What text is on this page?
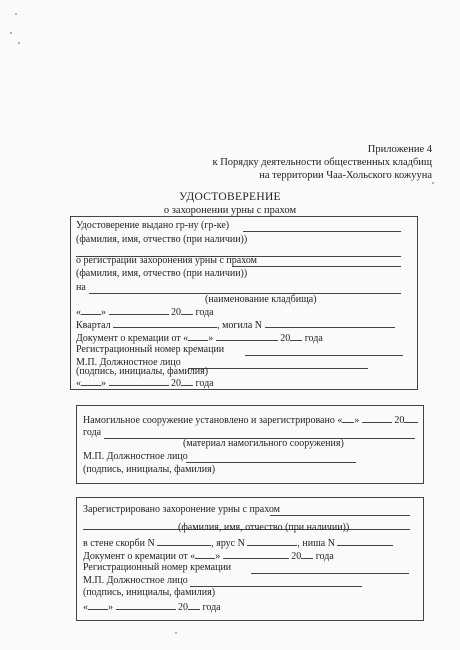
Приложение 4
к Порядку деятельности общественных кладбищ
на территории Чаа-Хольского кожууна
УДОСТОВЕРЕНИЕ
о захоронении урны с прахом
Удостоверение выдано гр-ну (гр-ке)
(фамилия, имя, отчество (при наличии))
о регистрации захоронения урны с прахом
(фамилия, имя, отчество (при наличии))
на
(наименование кладбища)
« »	20 года
Квартал	, могила N
Документ о кремации от « »	20 года
Регистрационный номер кремации
М.П. Должностное лицо
(подпись, инициалы, фамилия)
« »	20 года
Намогильное сооружение установлено и зарегистрировано « »	20
года
(материал намогильного сооружения)
М.П. Должностное лицо
(подпись, инициалы, фамилия)
Зарегистрировано захоронение урны с прахом
(фамилия, имя, отчество (при наличии))
в стене скорби N	, ярус N	, ниша N
Документ о кремации от « »	20 года
Регистрационный номер кремации
М.П. Должностное лицо
(подпись, инициалы, фамилия)
« »	20 года
